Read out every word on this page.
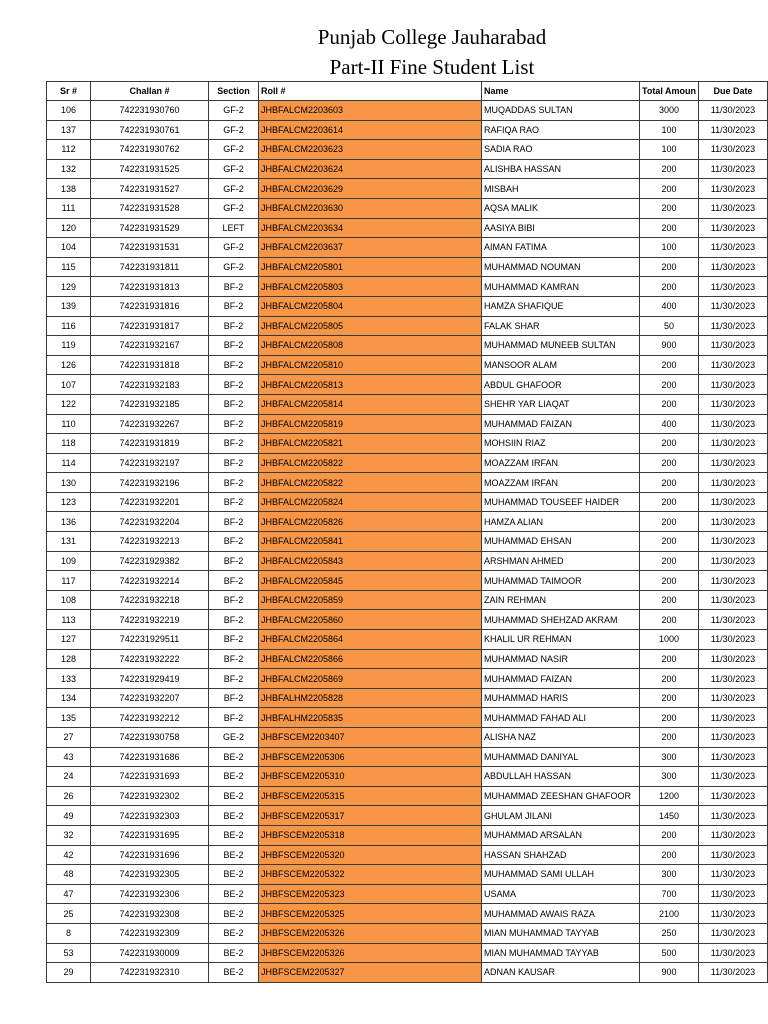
Punjab College Jauharabad
Part-II Fine Student List
Sr #	Challan #	Section	Roll #	Name	Total Amoun	Due Date
106	742231930760	GF-2	JHBFALCM2203603	MUQADDAS SULTAN	3000	11/30/2023
137	742231930761	GF-2	JHBFALCM2203614	RAFIQA RAO	100	11/30/2023
112	742231930762	GF-2	JHBFALCM2203623	SADIA RAO	100	11/30/2023
132	742231931525	GF-2	JHBFALCM2203624	ALISHBA HASSAN	200	11/30/2023
138	742231931527	GF-2	JHBFALCM2203629	MISBAH	200	11/30/2023
111	742231931528	GF-2	JHBFALCM2203630	AQSA MALIK	200	11/30/2023
120	742231931529	LEFT	JHBFALCM2203634	AASIYA BIBI	200	11/30/2023
104	742231931531	GF-2	JHBFALCM2203637	AIMAN FATIMA	100	11/30/2023
115	742231931811	GF-2	JHBFALCM2205801	MUHAMMAD NOUMAN	200	11/30/2023
129	742231931813	BF-2	JHBFALCM2205803	MUHAMMAD KAMRAN	200	11/30/2023
139	742231931816	BF-2	JHBFALCM2205804	HAMZA SHAFIQUE	400	11/30/2023
116	742231931817	BF-2	JHBFALCM2205805	FALAK SHAR	50	11/30/2023
119	742231932167	BF-2	JHBFALCM2205808	MUHAMMAD MUNEEB SULTAN	900	11/30/2023
126	742231931818	BF-2	JHBFALCM2205810	MANSOOR ALAM	200	11/30/2023
107	742231932183	BF-2	JHBFALCM2205813	ABDUL GHAFOOR	200	11/30/2023
122	742231932185	BF-2	JHBFALCM2205814	SHEHR YAR LIAQAT	200	11/30/2023
110	742231932267	BF-2	JHBFALCM2205819	MUHAMMAD FAIZAN	400	11/30/2023
118	742231931819	BF-2	JHBFALCM2205821	MOHSIIN RIAZ	200	11/30/2023
114	742231932197	BF-2	JHBFALCM2205822	MOAZZAM IRFAN	200	11/30/2023
130	742231932196	BF-2	JHBFALCM2205822	MOAZZAM IRFAN	200	11/30/2023
123	742231932201	BF-2	JHBFALCM2205824	MUHAMMAD TOUSEEF HAIDER	200	11/30/2023
136	742231932204	BF-2	JHBFALCM2205826	HAMZA ALIAN	200	11/30/2023
131	742231932213	BF-2	JHBFALCM2205841	MUHAMMAD EHSAN	200	11/30/2023
109	742231929382	BF-2	JHBFALCM2205843	ARSHMAN AHMED	200	11/30/2023
117	742231932214	BF-2	JHBFALCM2205845	MUHAMMAD TAIMOOR	200	11/30/2023
108	742231932218	BF-2	JHBFALCM2205859	ZAIN REHMAN	200	11/30/2023
113	742231932219	BF-2	JHBFALCM2205860	MUHAMMAD SHEHZAD AKRAM	200	11/30/2023
127	742231929511	BF-2	JHBFALCM2205864	KHALIL UR REHMAN	1000	11/30/2023
128	742231932222	BF-2	JHBFALCM2205866	MUHAMMAD NASIR	200	11/30/2023
133	742231929419	BF-2	JHBFALCM2205869	MUHAMMAD FAIZAN	200	11/30/2023
134	742231932207	BF-2	JHBFALHM2205828	MUHAMMAD HARIS	200	11/30/2023
135	742231932212	BF-2	JHBFALHM2205835	MUHAMMAD FAHAD ALI	200	11/30/2023
27	742231930758	GE-2	JHBFSCEM2203407	ALISHA NAZ	200	11/30/2023
43	742231931686	BE-2	JHBFSCEM2205306	MUHAMMAD DANIYAL	300	11/30/2023
24	742231931693	BE-2	JHBFSCEM2205310	ABDULLAH HASSAN	300	11/30/2023
26	742231932302	BE-2	JHBFSCEM2205315	MUHAMMAD ZEESHAN GHAFOOR	1200	11/30/2023
49	742231932303	BE-2	JHBFSCEM2205317	GHULAM JILANI	1450	11/30/2023
32	742231931695	BE-2	JHBFSCEM2205318	MUHAMMAD ARSALAN	200	11/30/2023
42	742231931696	BE-2	JHBFSCEM2205320	HASSAN SHAHZAD	200	11/30/2023
48	742231932305	BE-2	JHBFSCEM2205322	MUHAMMAD SAMI ULLAH	300	11/30/2023
47	742231932306	BE-2	JHBFSCEM2205323	USAMA	700	11/30/2023
25	742231932308	BE-2	JHBFSCEM2205325	MUHAMMAD AWAIS RAZA	2100	11/30/2023
8	742231932309	BE-2	JHBFSCEM2205326	MIAN MUHAMMAD TAYYAB	250	11/30/2023
53	742231930009	BE-2	JHBFSCEM2205326	MIAN MUHAMMAD TAYYAB	500	11/30/2023
29	742231932310	BE-2	JHBFSCEM2205327	ADNAN KAUSAR	900	11/30/2023
